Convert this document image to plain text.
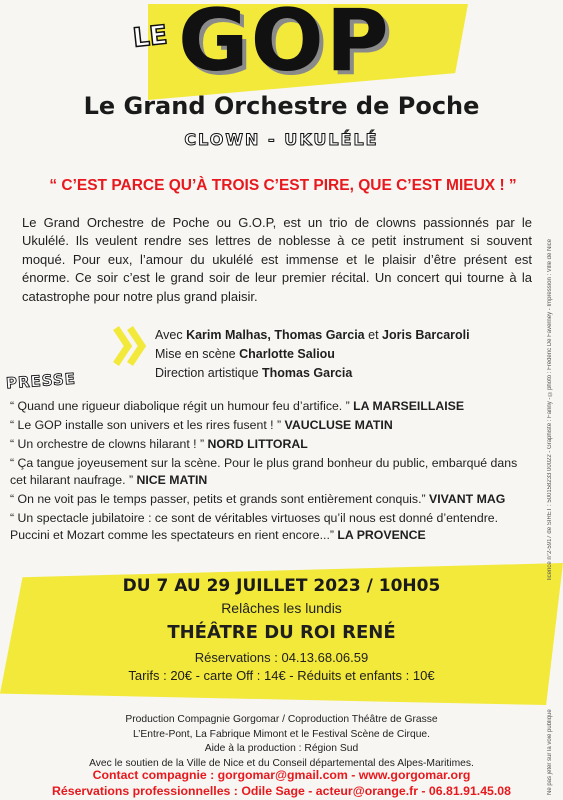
LE GOP
Le Grand Orchestre de Poche
CLOWN - UKULÉLÉ
“ C’EST PARCE QU’À TROIS C’EST PIRE, QUE C’EST MIEUX ! ”
Le Grand Orchestre de Poche ou G.O.P, est un trio de clowns passionnés par le Ukulélé. Ils veulent rendre ses lettres de noblesse à ce petit instrument si souvent moqué. Pour eux, l’amour du ukulélé est immense et le plaisir d’être présent est énorme. Ce soir c’est le grand soir de leur premier récital. Un concert qui tourne à la catastrophe pour notre plus grand plaisir.
Avec Karim Malhas, Thomas Garcia et Joris Barcaroli
Mise en scène Charlotte Saliou
Direction artistique Thomas Garcia
PRESSE
“ Quand une rigueur diabolique régit un humour feu d’artifice. ” LA MARSEILLAISE
“ Le GOP installe son univers et les rires fusent ! ” VAUCLUSE MATIN
“ Un orchestre de clowns hilarant ! ” NORD LITTORAL
“ Ça tangue joyeusement sur la scène. Pour le plus grand bonheur du public, embarqué dans cet hilarant naufrage. ” NICE MATIN
“ On ne voit pas le temps passer, petits et grands sont entièrement conquis.” VIVANT MAG
“ Un spectacle jubilatoire : ce sont de véritables virtuoses qu’il nous est donné d’entendre. Puccini et Mozart comme les spectateurs en rient encore...” LA PROVENCE
DU 7 AU 29 JUILLET 2023 / 10H05
Relâches les lundis
THÉÂTRE DU ROI RENÉ
Réservations : 04.13.68.06.59
Tarifs : 20€ - carte Off : 14€ - Réduits et enfants : 10€
Production Compagnie Gorgomar / Coproduction Théâtre de Grasse
L’Entre-Pont, La Fabrique Mimont et le Festival Scène de Cirque.
Aide à la production : Région Sud
Avec le soutien de la Ville de Nice et du Conseil départemental des Alpes-Maritimes.
Contact compagnie : gorgomar@gmail.com - www.gorgomar.org
Réservations professionnelles : Odile Sage - acteur@orange.fr - 06.81.91.45.08
licence n°2-5917 de SIRET : 500158233 00022 - Graphiste : Fanny - ©photo : Frédéric De Faverney - Impression : Ville de Nice
Ne pas jeter sur la voie publique
